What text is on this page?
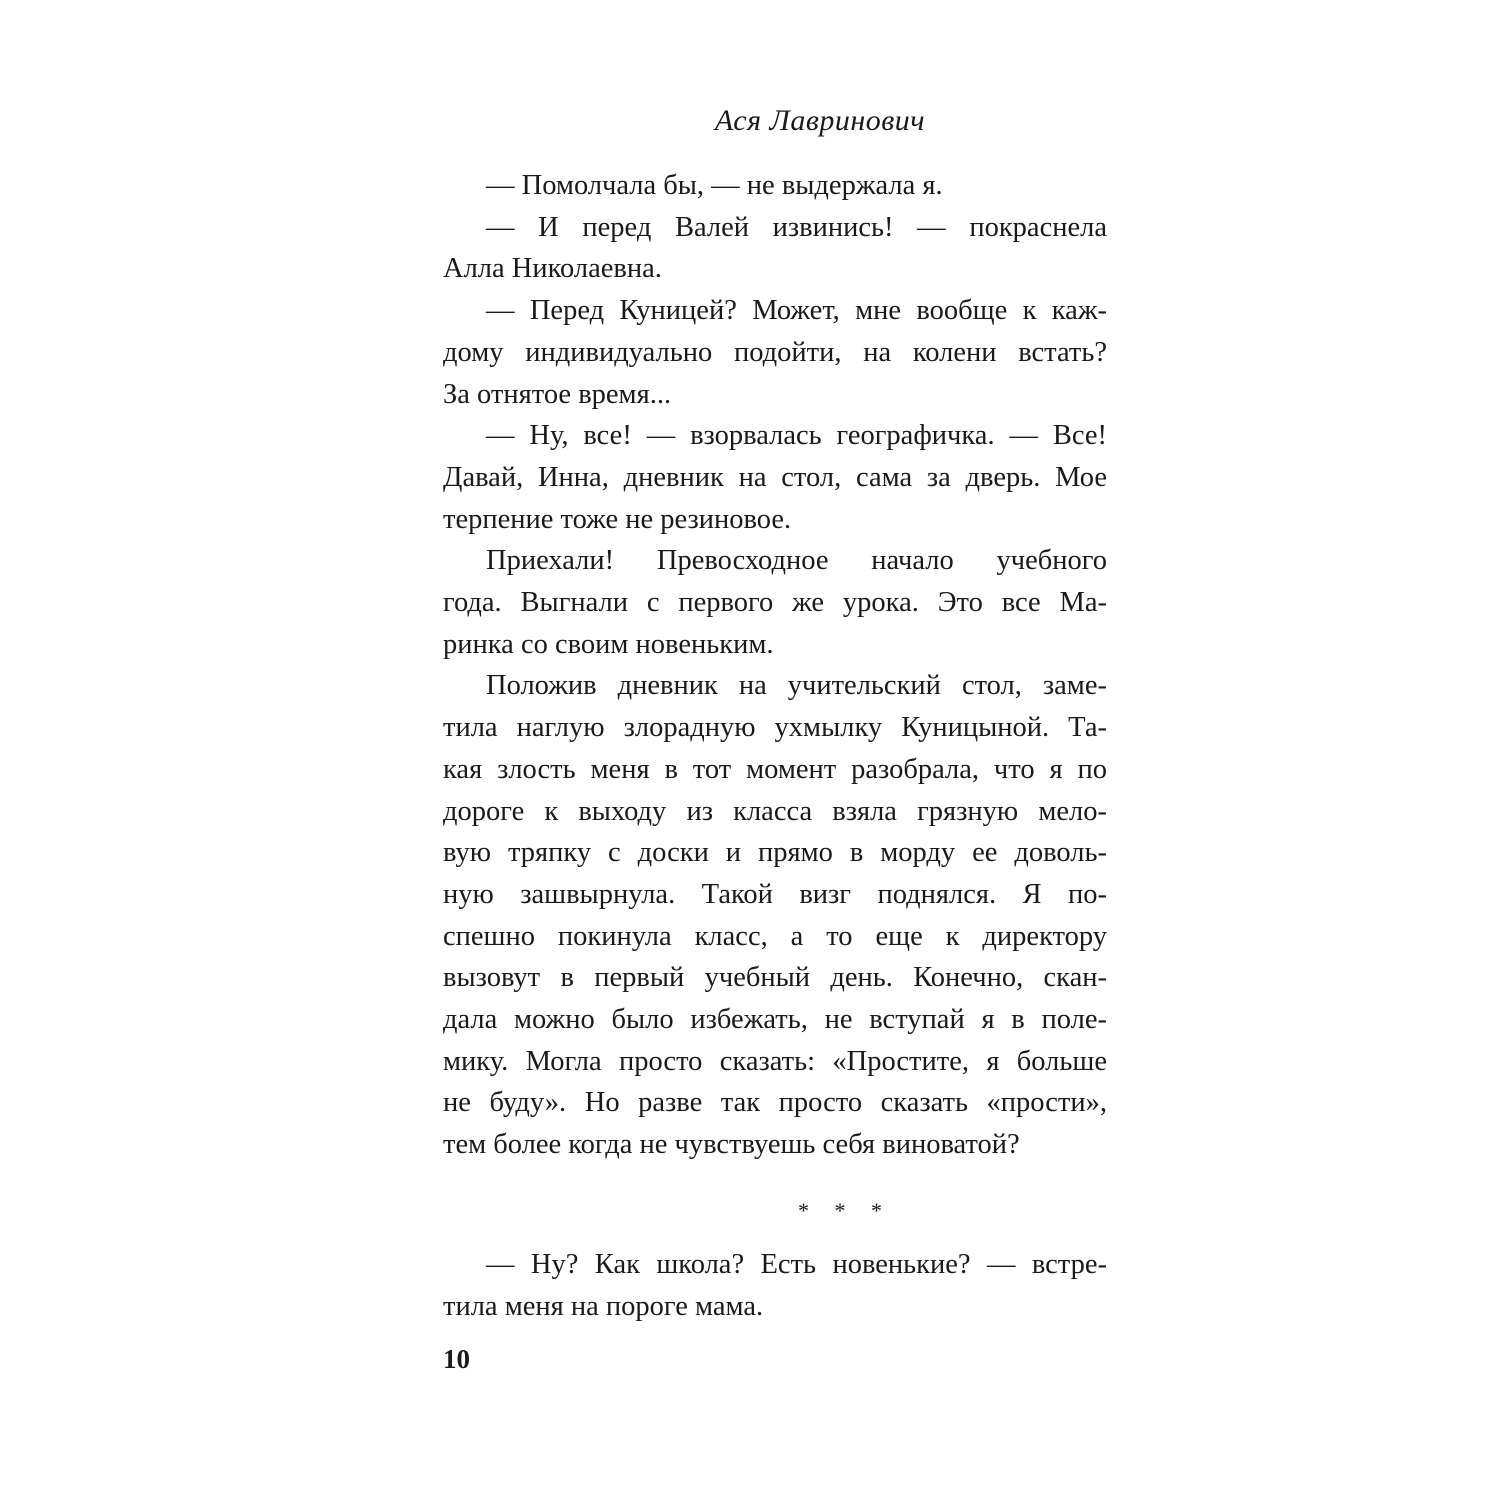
Ася Лавринович
— Помолчала бы, — не выдержала я.
— И перед Валей извинись! — покраснела
Алла Николаевна.
— Перед Куницей? Может, мне вообще к каж-
дому индивидуально подойти, на колени встать?
За отнятое время...
— Ну, все! — взорвалась географичка. — Все!
Давай, Инна, дневник на стол, сама за дверь. Мое
терпение тоже не резиновое.
Приехали! Превосходное начало учебного
года. Выгнали с первого же урока. Это все Ма-
ринка со своим новеньким.
Положив дневник на учительский стол, заме-
тила наглую злорадную ухмылку Куницыной. Та-
кая злость меня в тот момент разобрала, что я по
дороге к выходу из класса взяла грязную мело-
вую тряпку с доски и прямо в морду ее доволь-
ную зашвырнула. Такой визг поднялся. Я по-
спешно покинула класс, а то еще к директору
вызовут в первый учебный день. Конечно, скан-
дала можно было избежать, не вступай я в поле-
мику. Могла просто сказать: «Простите, я больше
не буду». Но разве так просто сказать «прости»,
тем более когда не чувствуешь себя виноватой?
— Ну? Как школа? Есть новенькие? — встре-
тила меня на пороге мама.
* * *
10
